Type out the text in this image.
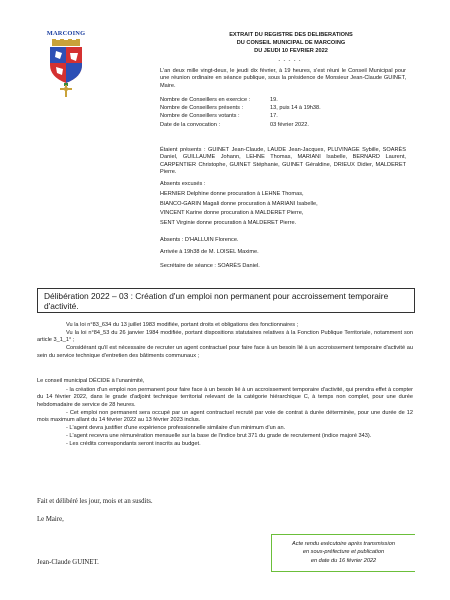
MARCOING	EXTRAIT DU REGISTRE DES DELIBERATIONS
DU CONSEIL MUNICIPAL DE MARCOING
DU JEUDI 10 FEVRIER 2022
- - - - -
L'an deux mille vingt-deux, le jeudi dix février, à 19 heures, s'est réuni le Conseil Municipal pour une réunion ordinaire en séance publique, sous la présidence de Monsieur Jean-Claude GUINET, Maire.
Nombre de Conseillers en exercice :	19.
Nombre de Conseillers présents :	13, puis 14 à 19h38.
Nombre de Conseillers votants :	17.
Date de la convocation :	03 février 2022.
Étaient présents : GUINET Jean-Claude, LAUDE Jean-Jacques, PLUVINAGE Sybille, SOARÈS Daniel, GUILLAUME Johann, LEHNE Thomas, MARIANI Isabelle, BERNARD Laurent, CARPENTIER Christophe, GUINET Stéphanie, GUINET Géraldine, DRIEUX Didier, MALDERET Pierre.
Absents excusés :
HERNIER Delphine donne procuration à LEHNE Thomas,
BIANCO-GARIN Magali donne procuration à MARIANI Isabelle,
VINCENT Karine donne procuration à MALDERET Pierre,
SENT Virginie donne procuration à MALDERET Pierre.
Absents : D'HALLUIN Florence.
Arrivée à 19h38 de M. LOISEL Maxime.
Secrétaire de séance : SOARÈS Daniel.
Délibération 2022 – 03 : Création d'un emploi non permanent pour accroissement temporaire d'activité.

Vu la loi n°83_634 du 13 juillet 1983 modifiée, portant droits et obligations des fonctionnaires ;

Vu la loi n°84_53 du 26 janvier 1984 modifiée, portant dispositions statutaires relatives à la Fonction Publique Territoriale, notamment son article 3_1_1° ;

Considérant qu'il est nécessaire de recruter un agent contractuel pour faire face à un besoin lié à un accroissement temporaire d'activité au sein du service technique d'entretien des bâtiments communaux ;

Le conseil municipal DÉCIDE à l'unanimité,

- la création d'un emploi non permanent pour faire face à un besoin lié à un accroissement temporaire d'activité, qui prendra effet à compter du 14 février 2022, dans le grade d'adjoint technique territorial relevant de la catégorie hiérarchique C, à temps non complet, pour une durée hebdomadaire de service de 28 heures.

- Cet emploi non permanent sera occupé par un agent contractuel recruté par voie de contrat à durée déterminée, pour une durée de 12 mois maximum allant du 14 février 2022 au 13 février 2023 inclus.

- L'agent devra justifier d'une expérience professionnelle similaire d'un minimum d'un an.

- L'agent recevra une rémunération mensuelle sur la base de l'indice brut 371 du grade de recrutement (indice majoré 343).

- Les crédits correspondants seront inscrits au budget.

Fait et délibéré les jour, mois et an susdits.
Le Maire,
Jean-Claude GUINET.
Acte rendu exécutoire après transmission
en sous-préfecture et publication
en date du 16 février 2022
